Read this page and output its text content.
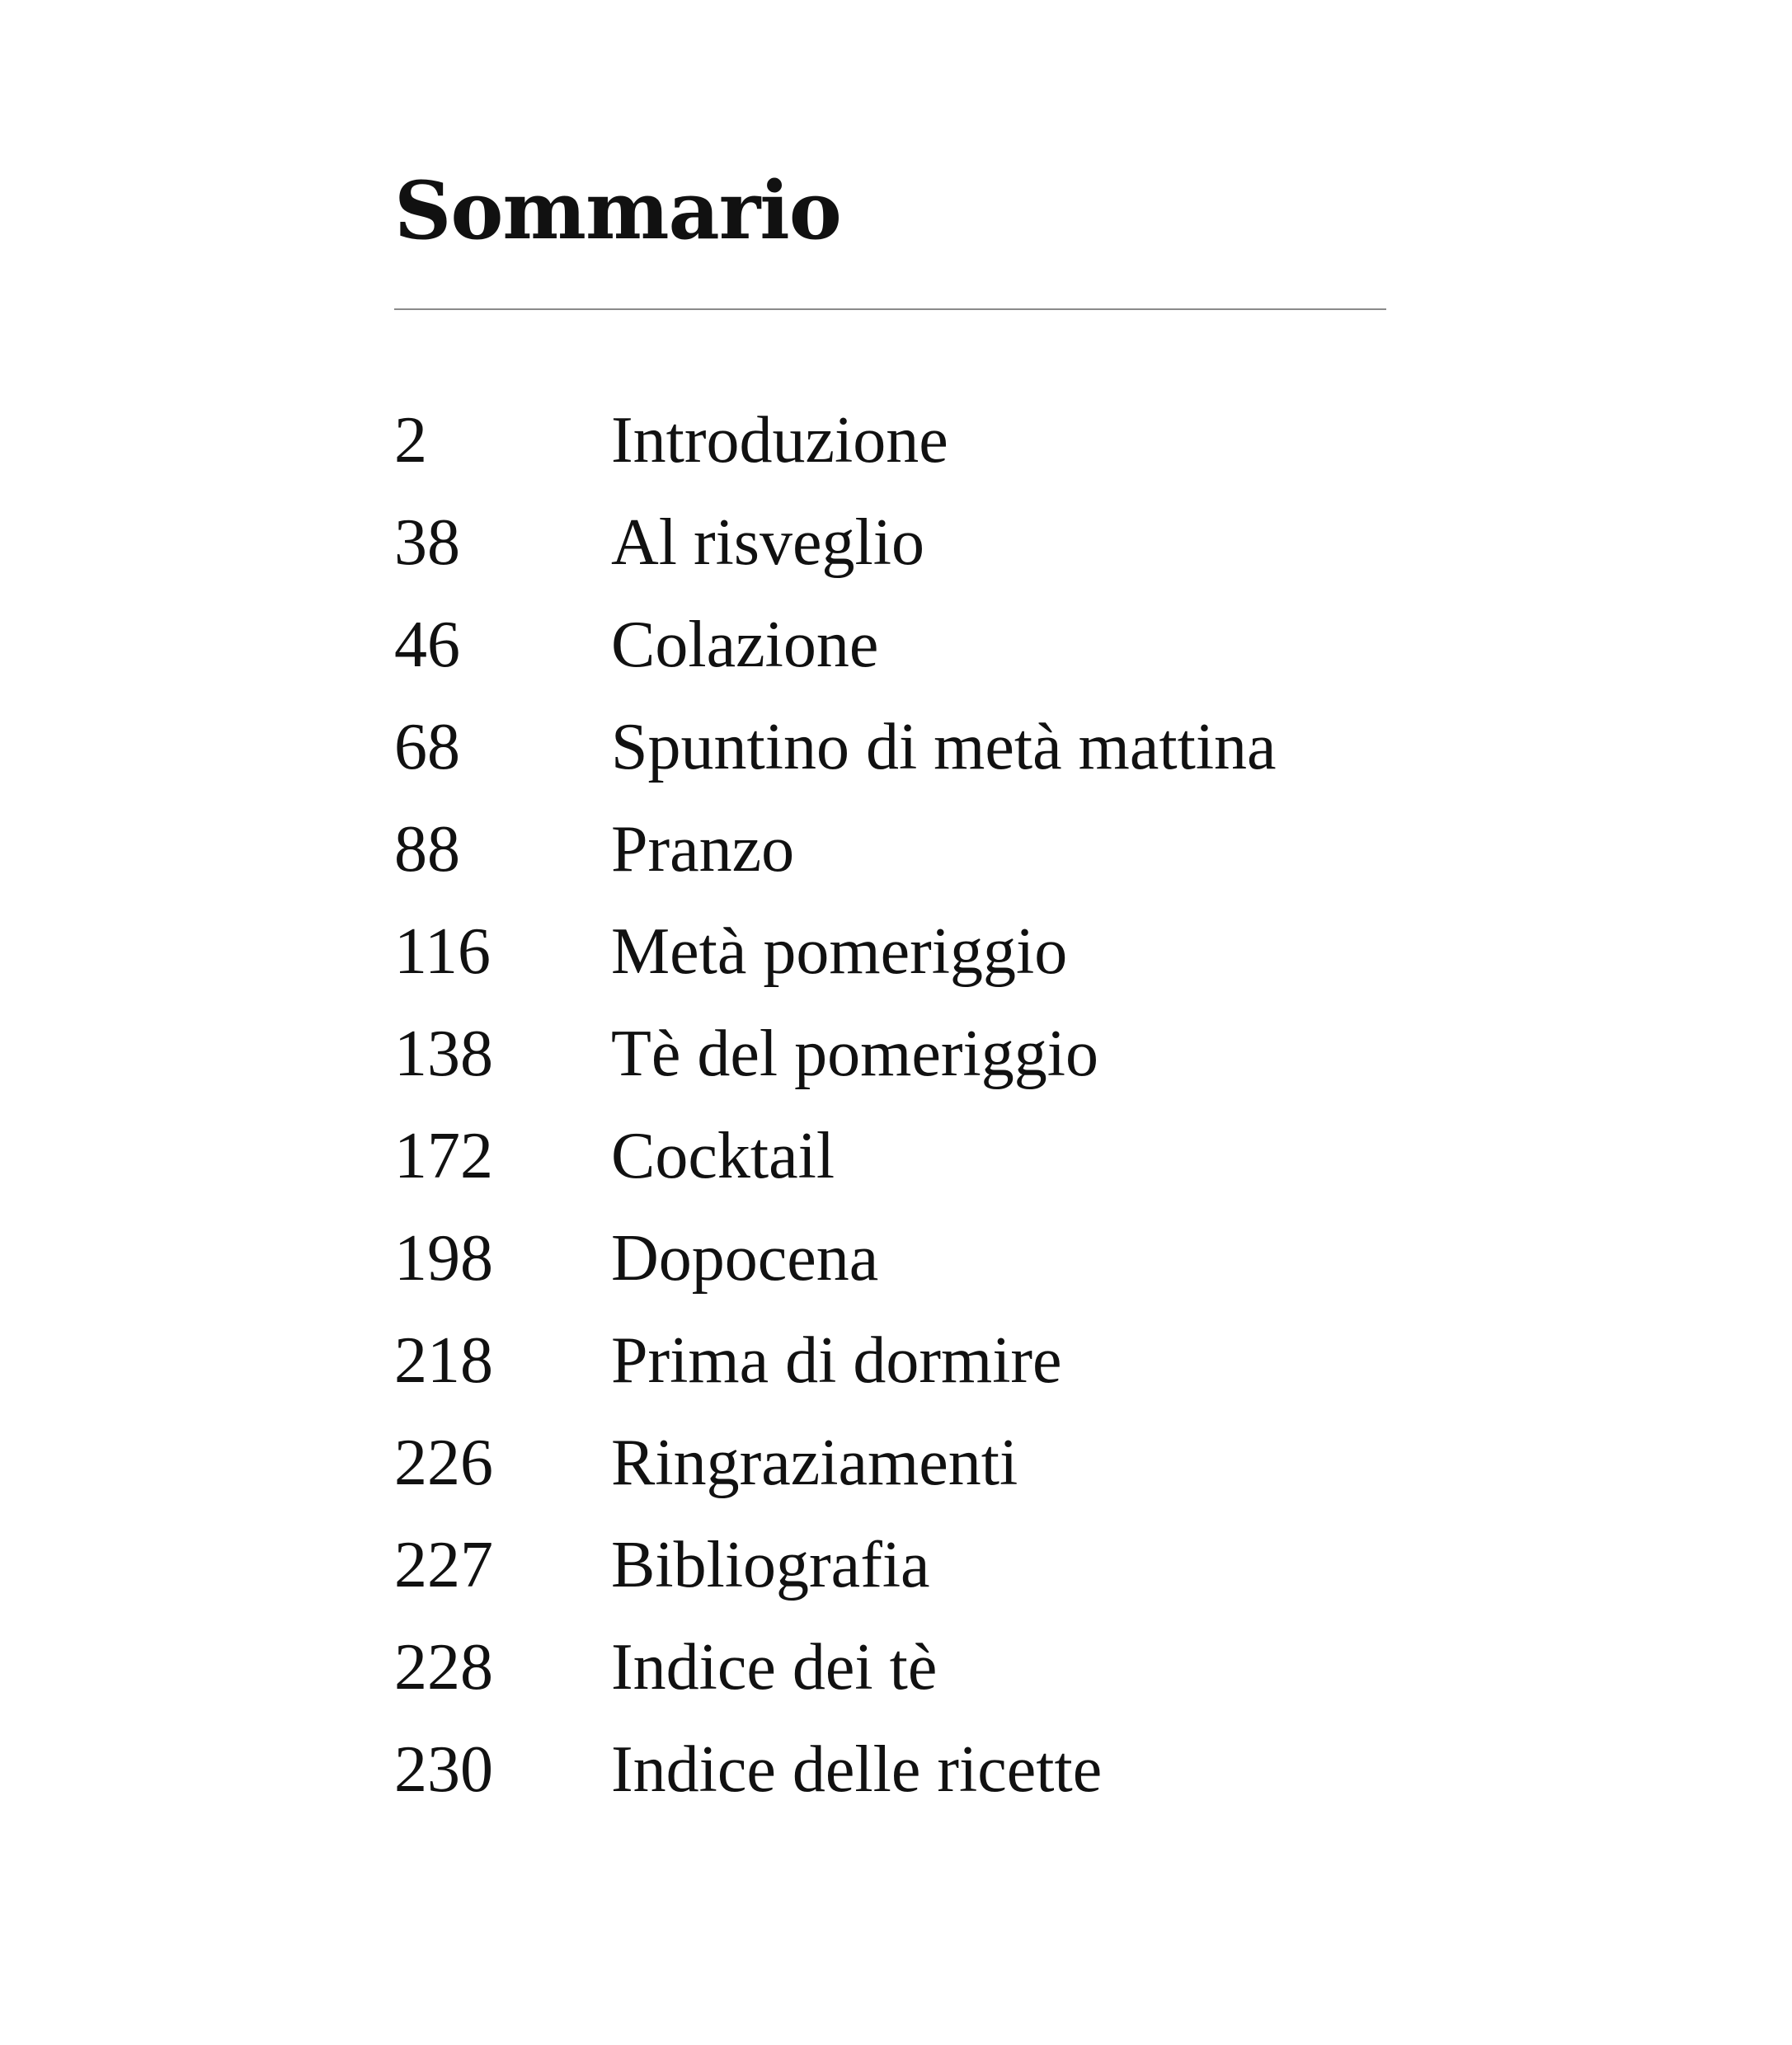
Sommario
2	Introduzione
38 Al risveglio
46 Colazione
68 Spuntino di metà mattina
88 Pranzo
116 Metà pomeriggio
138 Tè del pomeriggio
172 Cocktail
198 Dopocena
218 Prima di dormire
226 Ringraziamenti
227 Bibliografia
228 Indice dei tè
230 Indice delle ricette
